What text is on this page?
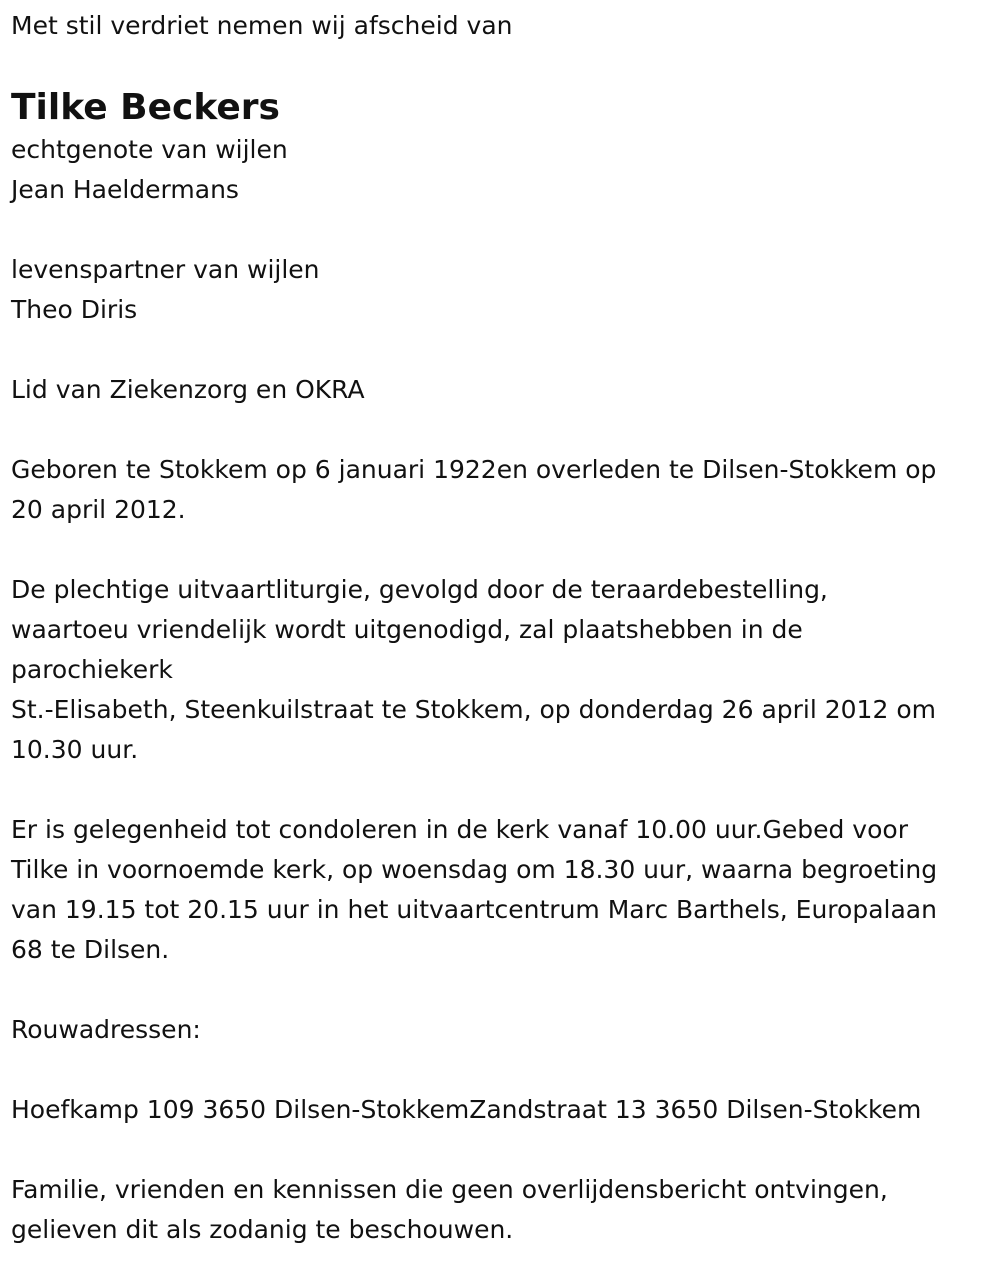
Met stil verdriet nemen wij afscheid van

Tilke Beckers

echtgenote van wijlen

Jean Haeldermans

levenspartner van wijlen

Theo Diris

Lid van Ziekenzorg en OKRA

Geboren te Stokkem op 6 januari 1922en overleden te Dilsen-Stokkem op

20 april 2012.

De plechtige uitvaartliturgie, gevolgd door de teraardebestelling,

waartoeu vriendelijk wordt uitgenodigd, zal plaatshebben in de

parochiekerk

St.-Elisabeth, Steenkuilstraat te Stokkem, op donderdag 26 april 2012 om

10.30 uur.

Er is gelegenheid tot condoleren in de kerk vanaf 10.00 uur.Gebed voor

Tilke in voornoemde kerk, op woensdag om 18.30 uur, waarna begroeting

van 19.15 tot 20.15 uur in het uitvaartcentrum Marc Barthels, Europalaan

68 te Dilsen.

Rouwadressen:

Hoefkamp 109 3650 Dilsen-StokkemZandstraat 13 3650 Dilsen-Stokkem

Familie, vrienden en kennissen die geen overlijdensbericht ontvingen,

gelieven dit als zodanig te beschouwen.
